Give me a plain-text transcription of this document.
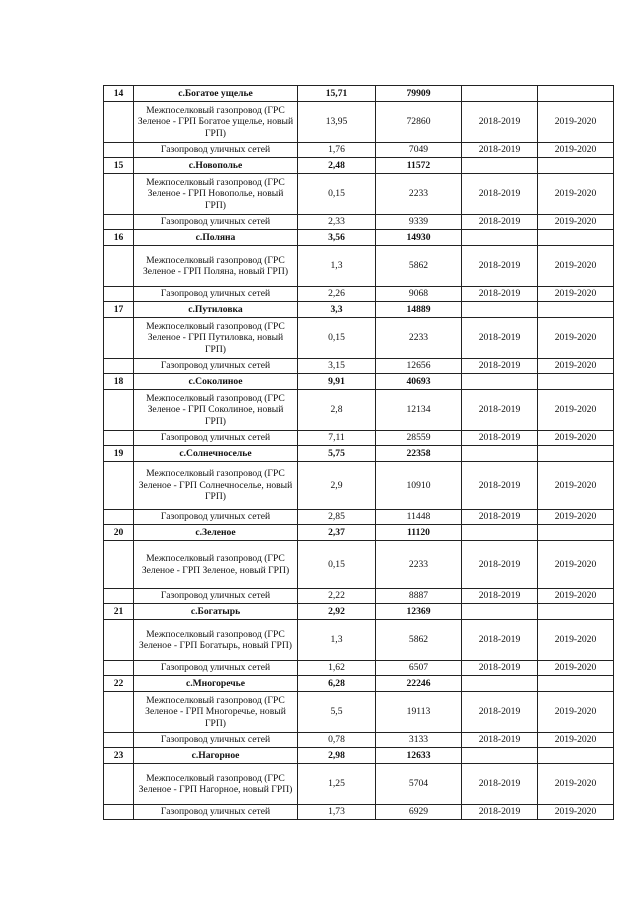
14	с.Богатое ущелье	15,71	79909		
	Межпоселковый газопровод (ГРС Зеленое - ГРП Богатое ущелье, новый ГРП)	13,95	72860	2018-2019	2019-2020
	Газопровод уличных сетей	1,76	7049	2018-2019	2019-2020
15	с.Новополье	2,48	11572		
	Межпоселковый газопровод (ГРС Зеленое - ГРП Новополье, новый ГРП)	0,15	2233	2018-2019	2019-2020
	Газопровод уличных сетей	2,33	9339	2018-2019	2019-2020
16	с.Поляна	3,56	14930		
	Межпоселковый газопровод (ГРС Зеленое - ГРП Поляна, новый ГРП)	1,3	5862	2018-2019	2019-2020
	Газопровод уличных сетей	2,26	9068	2018-2019	2019-2020
17	с.Путиловка	3,3	14889		
	Межпоселковый газопровод (ГРС Зеленое - ГРП Путиловка, новый ГРП)	0,15	2233	2018-2019	2019-2020
	Газопровод уличных сетей	3,15	12656	2018-2019	2019-2020
18	с.Соколиное	9,91	40693		
	Межпоселковый газопровод (ГРС Зеленое - ГРП Соколиное, новый ГРП)	2,8	12134	2018-2019	2019-2020
	Газопровод уличных сетей	7,11	28559	2018-2019	2019-2020
19	с.Солнечноселье	5,75	22358		
	Межпоселковый газопровод (ГРС Зеленое - ГРП Солнечноселье, новый ГРП)	2,9	10910	2018-2019	2019-2020
	Газопровод уличных сетей	2,85	11448	2018-2019	2019-2020
20	с.Зеленое	2,37	11120		
	Межпоселковый газопровод (ГРС Зеленое - ГРП Зеленое, новый ГРП)	0,15	2233	2018-2019	2019-2020
	Газопровод уличных сетей	2,22	8887	2018-2019	2019-2020
21	с.Богатырь	2,92	12369		
	Межпоселковый газопровод (ГРС Зеленое - ГРП Богатырь, новый ГРП)	1,3	5862	2018-2019	2019-2020
	Газопровод уличных сетей	1,62	6507	2018-2019	2019-2020
22	с.Многоречье	6,28	22246		
	Межпоселковый газопровод (ГРС Зеленое - ГРП Многоречье, новый ГРП)	5,5	19113	2018-2019	2019-2020
	Газопровод уличных сетей	0,78	3133	2018-2019	2019-2020
23	с.Нагорное	2,98	12633		
	Межпоселковый газопровод (ГРС Зеленое - ГРП Нагорное, новый ГРП)	1,25	5704	2018-2019	2019-2020
	Газопровод уличных сетей	1,73	6929	2018-2019	2019-2020
